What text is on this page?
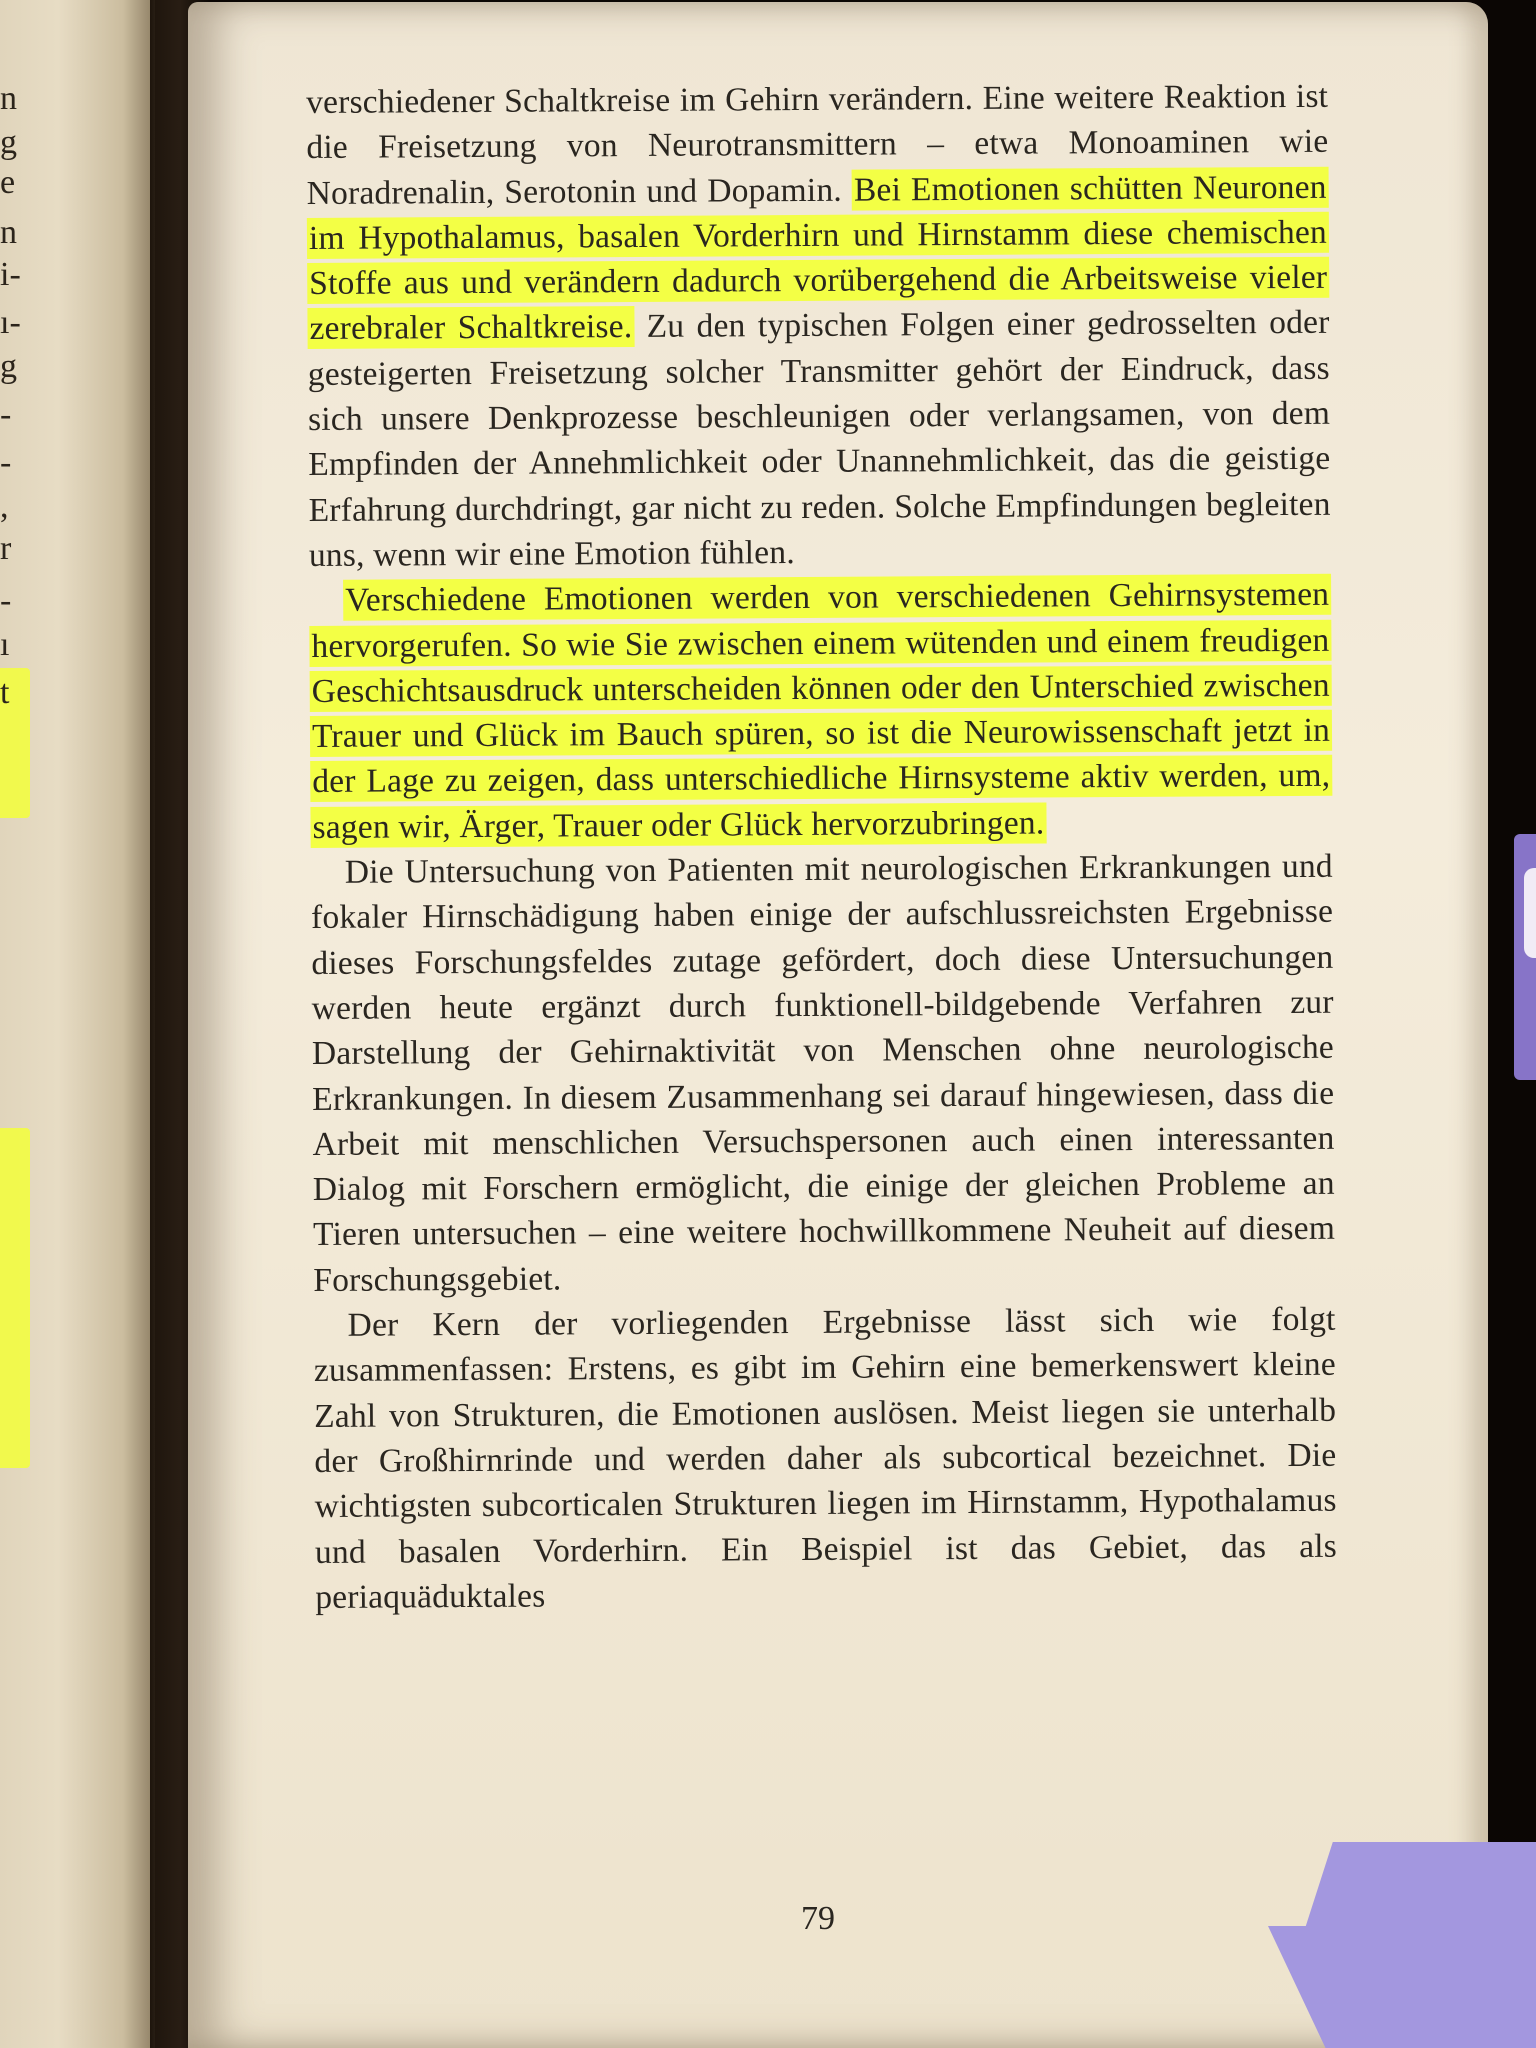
n
g
e
n
i-
ı-
g
-
-
,
r
-
ı
t

verschiedener Schaltkreise im Gehirn verändern. Eine weitere Reaktion ist die Freisetzung von Neurotransmittern – etwa Monoaminen wie Noradrenalin, Serotonin und Dopamin. Bei Emotionen schütten Neuronen im Hypothalamus, basalen Vorderhirn und Hirnstamm diese chemischen Stoffe aus und verändern dadurch vorübergehend die Arbeitsweise vieler zerebraler Schaltkreise. Zu den typischen Folgen einer gedrosselten oder gesteigerten Freisetzung solcher Transmitter gehört der Eindruck, dass sich unsere Denkprozesse beschleunigen oder verlangsamen, von dem Empfinden der Annehmlichkeit oder Unannehmlichkeit, das die geistige Erfahrung durchdringt, gar nicht zu reden. Solche Empfindungen begleiten uns, wenn wir eine Emotion fühlen.

Verschiedene Emotionen werden von verschiedenen Gehirnsystemen hervorgerufen. So wie Sie zwischen einem wütenden und einem freudigen Geschichtsausdruck unterscheiden können oder den Unterschied zwischen Trauer und Glück im Bauch spüren, so ist die Neurowissenschaft jetzt in der Lage zu zeigen, dass unterschiedliche Hirnsysteme aktiv werden, um, sagen wir, Ärger, Trauer oder Glück hervorzubringen.

Die Untersuchung von Patienten mit neurologischen Erkrankungen und fokaler Hirnschädigung haben einige der aufschlussreichsten Ergebnisse dieses Forschungsfeldes zutage gefördert, doch diese Untersuchungen werden heute ergänzt durch funktionell-bildgebende Verfahren zur Darstellung der Gehirnaktivität von Menschen ohne neurologische Erkrankungen. In diesem Zusammenhang sei darauf hingewiesen, dass die Arbeit mit menschlichen Versuchspersonen auch einen interessanten Dialog mit Forschern ermöglicht, die einige der gleichen Probleme an Tieren untersuchen – eine weitere hochwillkommene Neuheit auf diesem Forschungsgebiet.

Der Kern der vorliegenden Ergebnisse lässt sich wie folgt zusammenfassen: Erstens, es gibt im Gehirn eine bemerkenswert kleine Zahl von Strukturen, die Emotionen auslösen. Meist liegen sie unterhalb der Großhirnrinde und werden daher als subcortical bezeichnet. Die wichtigsten subcorticalen Strukturen liegen im Hirnstamm, Hypothalamus und basalen Vorderhirn. Ein Beispiel ist das Gebiet, das als periaquäduktales

79
